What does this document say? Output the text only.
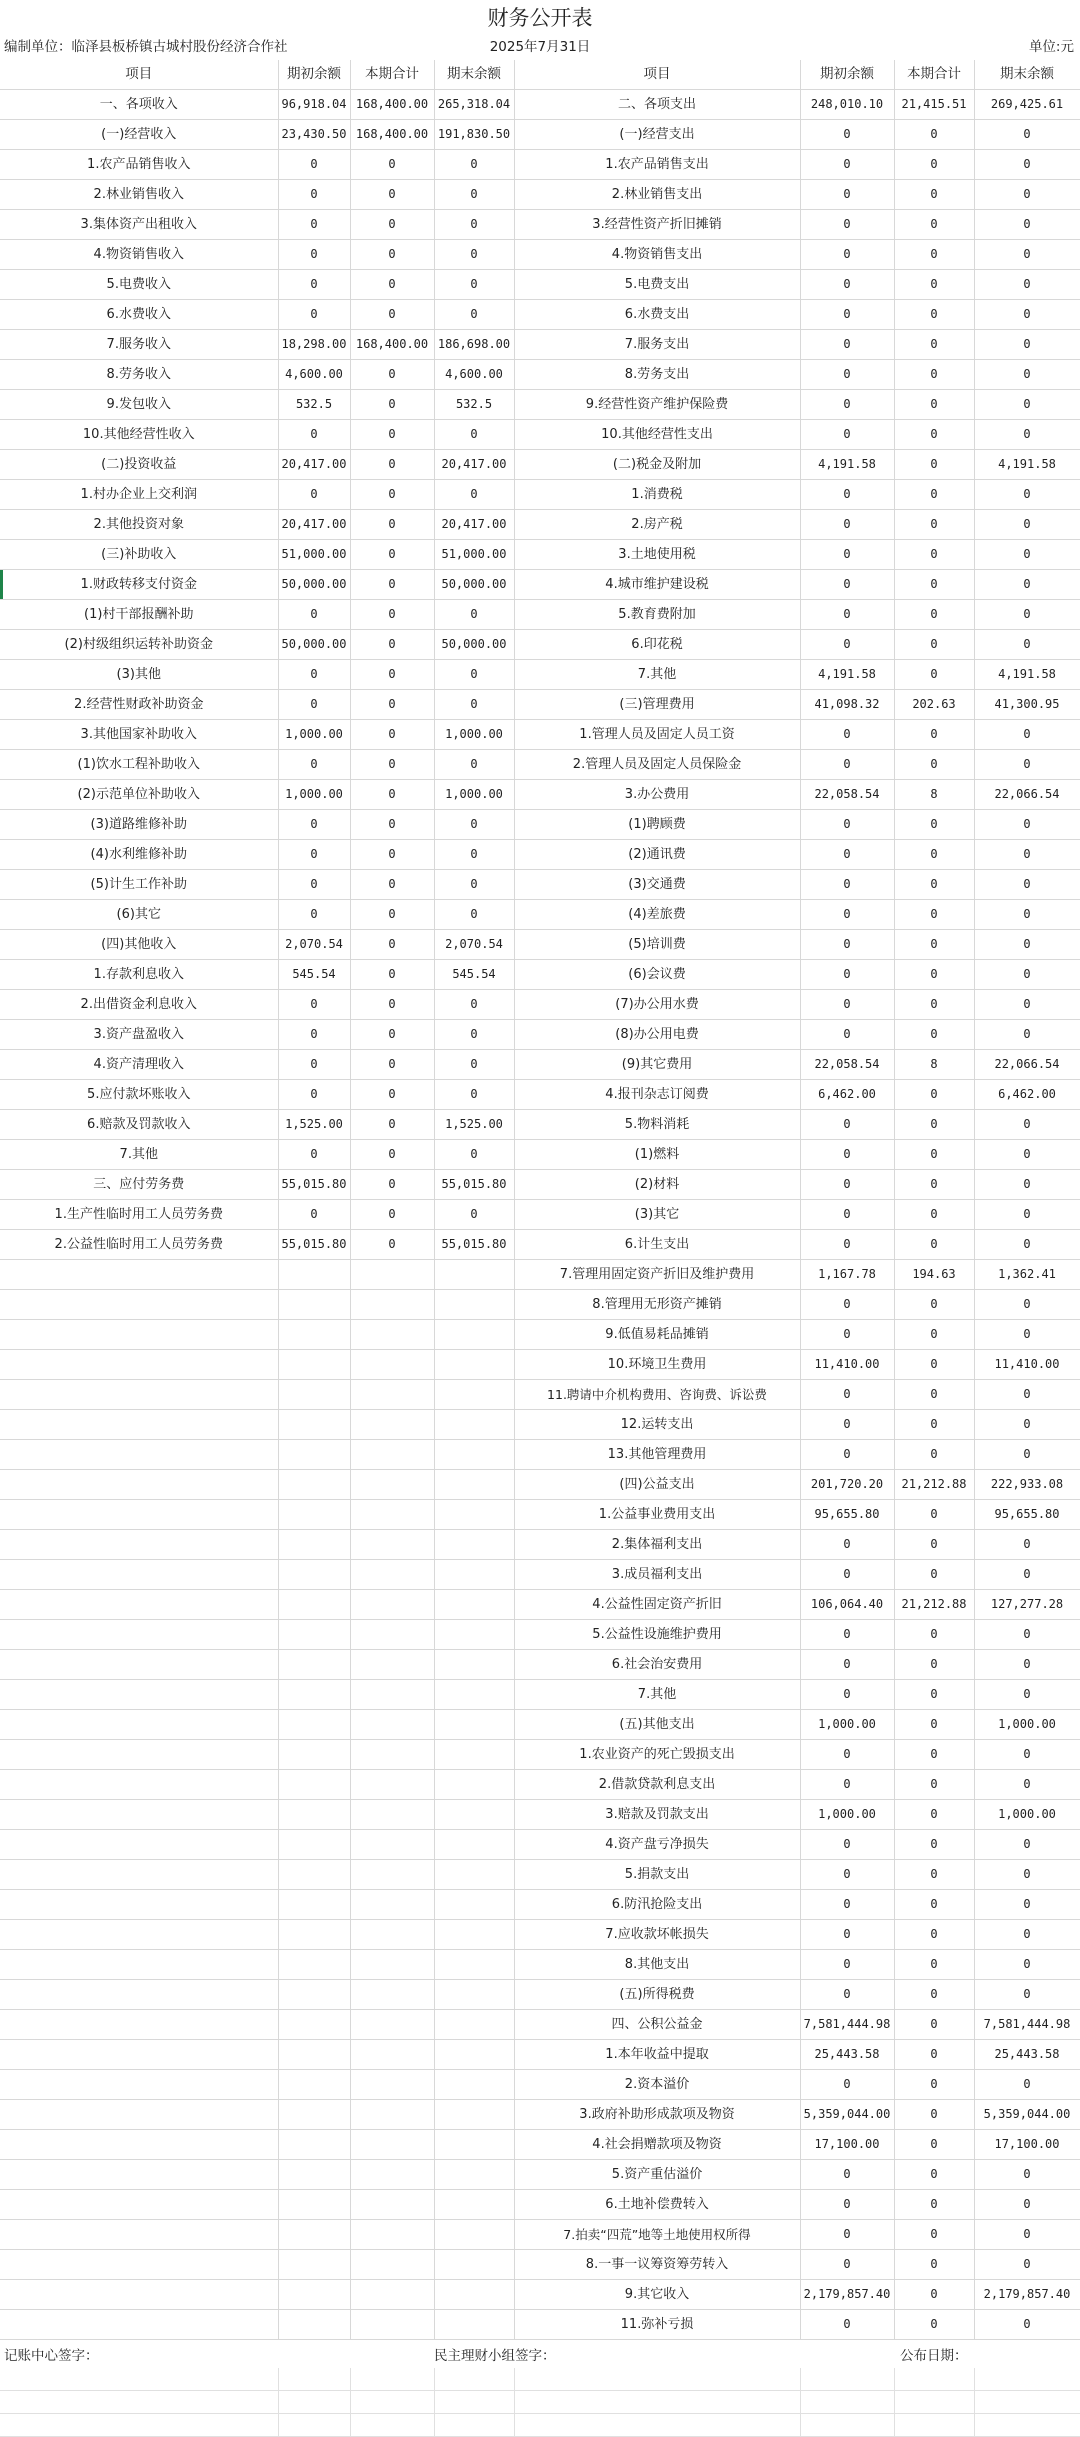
财务公开表
编制单位：临泽县板桥镇古城村股份经济合作社	2025年7月31日	单位:元
项目	期初余额	本期合计	期末余额	项目	期初余额	本期合计	期末余额
一、各项收入	96,918.04	168,400.00	265,318.04	二、各项支出	248,010.10	21,415.51	269,425.61
(一)经营收入	23,430.50	168,400.00	191,830.50	(一)经营支出	0	0	0
1.农产品销售收入	0	0	0	1.农产品销售支出	0	0	0
2.林业销售收入	0	0	0	2.林业销售支出	0	0	0
3.集体资产出租收入	0	0	0	3.经营性资产折旧摊销	0	0	0
4.物资销售收入	0	0	0	4.物资销售支出	0	0	0
5.电费收入	0	0	0	5.电费支出	0	0	0
6.水费收入	0	0	0	6.水费支出	0	0	0
7.服务收入	18,298.00	168,400.00	186,698.00	7.服务支出	0	0	0
8.劳务收入	4,600.00	0	4,600.00	8.劳务支出	0	0	0
9.发包收入	532.5	0	532.5	9.经营性资产维护保险费	0	0	0
10.其他经营性收入	0	0	0	10.其他经营性支出	0	0	0
(二)投资收益	20,417.00	0	20,417.00	(二)税金及附加	4,191.58	0	4,191.58
1.村办企业上交利润	0	0	0	1.消费税	0	0	0
2.其他投资对象	20,417.00	0	20,417.00	2.房产税	0	0	0
(三)补助收入	51,000.00	0	51,000.00	3.土地使用税	0	0	0
1.财政转移支付资金	50,000.00	0	50,000.00	4.城市维护建设税	0	0	0
(1)村干部报酬补助	0	0	0	5.教育费附加	0	0	0
(2)村级组织运转补助资金	50,000.00	0	50,000.00	6.印花税	0	0	0
(3)其他	0	0	0	7.其他	4,191.58	0	4,191.58
2.经营性财政补助资金	0	0	0	(三)管理费用	41,098.32	202.63	41,300.95
3.其他国家补助收入	1,000.00	0	1,000.00	1.管理人员及固定人员工资	0	0	0
(1)饮水工程补助收入	0	0	0	2.管理人员及固定人员保险金	0	0	0
(2)示范单位补助收入	1,000.00	0	1,000.00	3.办公费用	22,058.54	8	22,066.54
(3)道路维修补助	0	0	0	(1)聘顾费	0	0	0
(4)水利维修补助	0	0	0	(2)通讯费	0	0	0
(5)计生工作补助	0	0	0	(3)交通费	0	0	0
(6)其它	0	0	0	(4)差旅费	0	0	0
(四)其他收入	2,070.54	0	2,070.54	(5)培训费	0	0	0
1.存款利息收入	545.54	0	545.54	(6)会议费	0	0	0
2.出借资金利息收入	0	0	0	(7)办公用水费	0	0	0
3.资产盘盈收入	0	0	0	(8)办公用电费	0	0	0
4.资产清理收入	0	0	0	(9)其它费用	22,058.54	8	22,066.54
5.应付款坏账收入	0	0	0	4.报刊杂志订阅费	6,462.00	0	6,462.00
6.赔款及罚款收入	1,525.00	0	1,525.00	5.物料消耗	0	0	0
7.其他	0	0	0	(1)燃料	0	0	0
三、应付劳务费	55,015.80	0	55,015.80	(2)材料	0	0	0
1.生产性临时用工人员劳务费	0	0	0	(3)其它	0	0	0
2.公益性临时用工人员劳务费	55,015.80	0	55,015.80	6.计生支出	0	0	0
				7.管理用固定资产折旧及维护费用	1,167.78	194.63	1,362.41
				8.管理用无形资产摊销	0	0	0
				9.低值易耗品摊销	0	0	0
				10.环境卫生费用	11,410.00	0	11,410.00
				11.聘请中介机构费用、咨询费、诉讼费	0	0	0
				12.运转支出	0	0	0
				13.其他管理费用	0	0	0
				(四)公益支出	201,720.20	21,212.88	222,933.08
				1.公益事业费用支出	95,655.80	0	95,655.80
				2.集体福利支出	0	0	0
				3.成员福利支出	0	0	0
				4.公益性固定资产折旧	106,064.40	21,212.88	127,277.28
				5.公益性设施维护费用	0	0	0
				6.社会治安费用	0	0	0
				7.其他	0	0	0
				(五)其他支出	1,000.00	0	1,000.00
				1.农业资产的死亡毁损支出	0	0	0
				2.借款贷款利息支出	0	0	0
				3.赔款及罚款支出	1,000.00	0	1,000.00
				4.资产盘亏净损失	0	0	0
				5.捐款支出	0	0	0
				6.防汛抢险支出	0	0	0
				7.应收款坏帐损失	0	0	0
				8.其他支出	0	0	0
				(五)所得税费	0	0	0
				四、公积公益金	7,581,444.98	0	7,581,444.98
				1.本年收益中提取	25,443.58	0	25,443.58
				2.资本溢价	0	0	0
				3.政府补助形成款项及物资	5,359,044.00	0	5,359,044.00
				4.社会捐赠款项及物资	17,100.00	0	17,100.00
				5.资产重估溢价	0	0	0
				6.土地补偿费转入	0	0	0
				7.拍卖“四荒”地等土地使用权所得	0	0	0
				8.一事一议筹资筹劳转入	0	0	0
				9.其它收入	2,179,857.40	0	2,179,857.40
				11.弥补亏损	0	0	0
记账中心签字：	民主理财小组签字：	公布日期：
